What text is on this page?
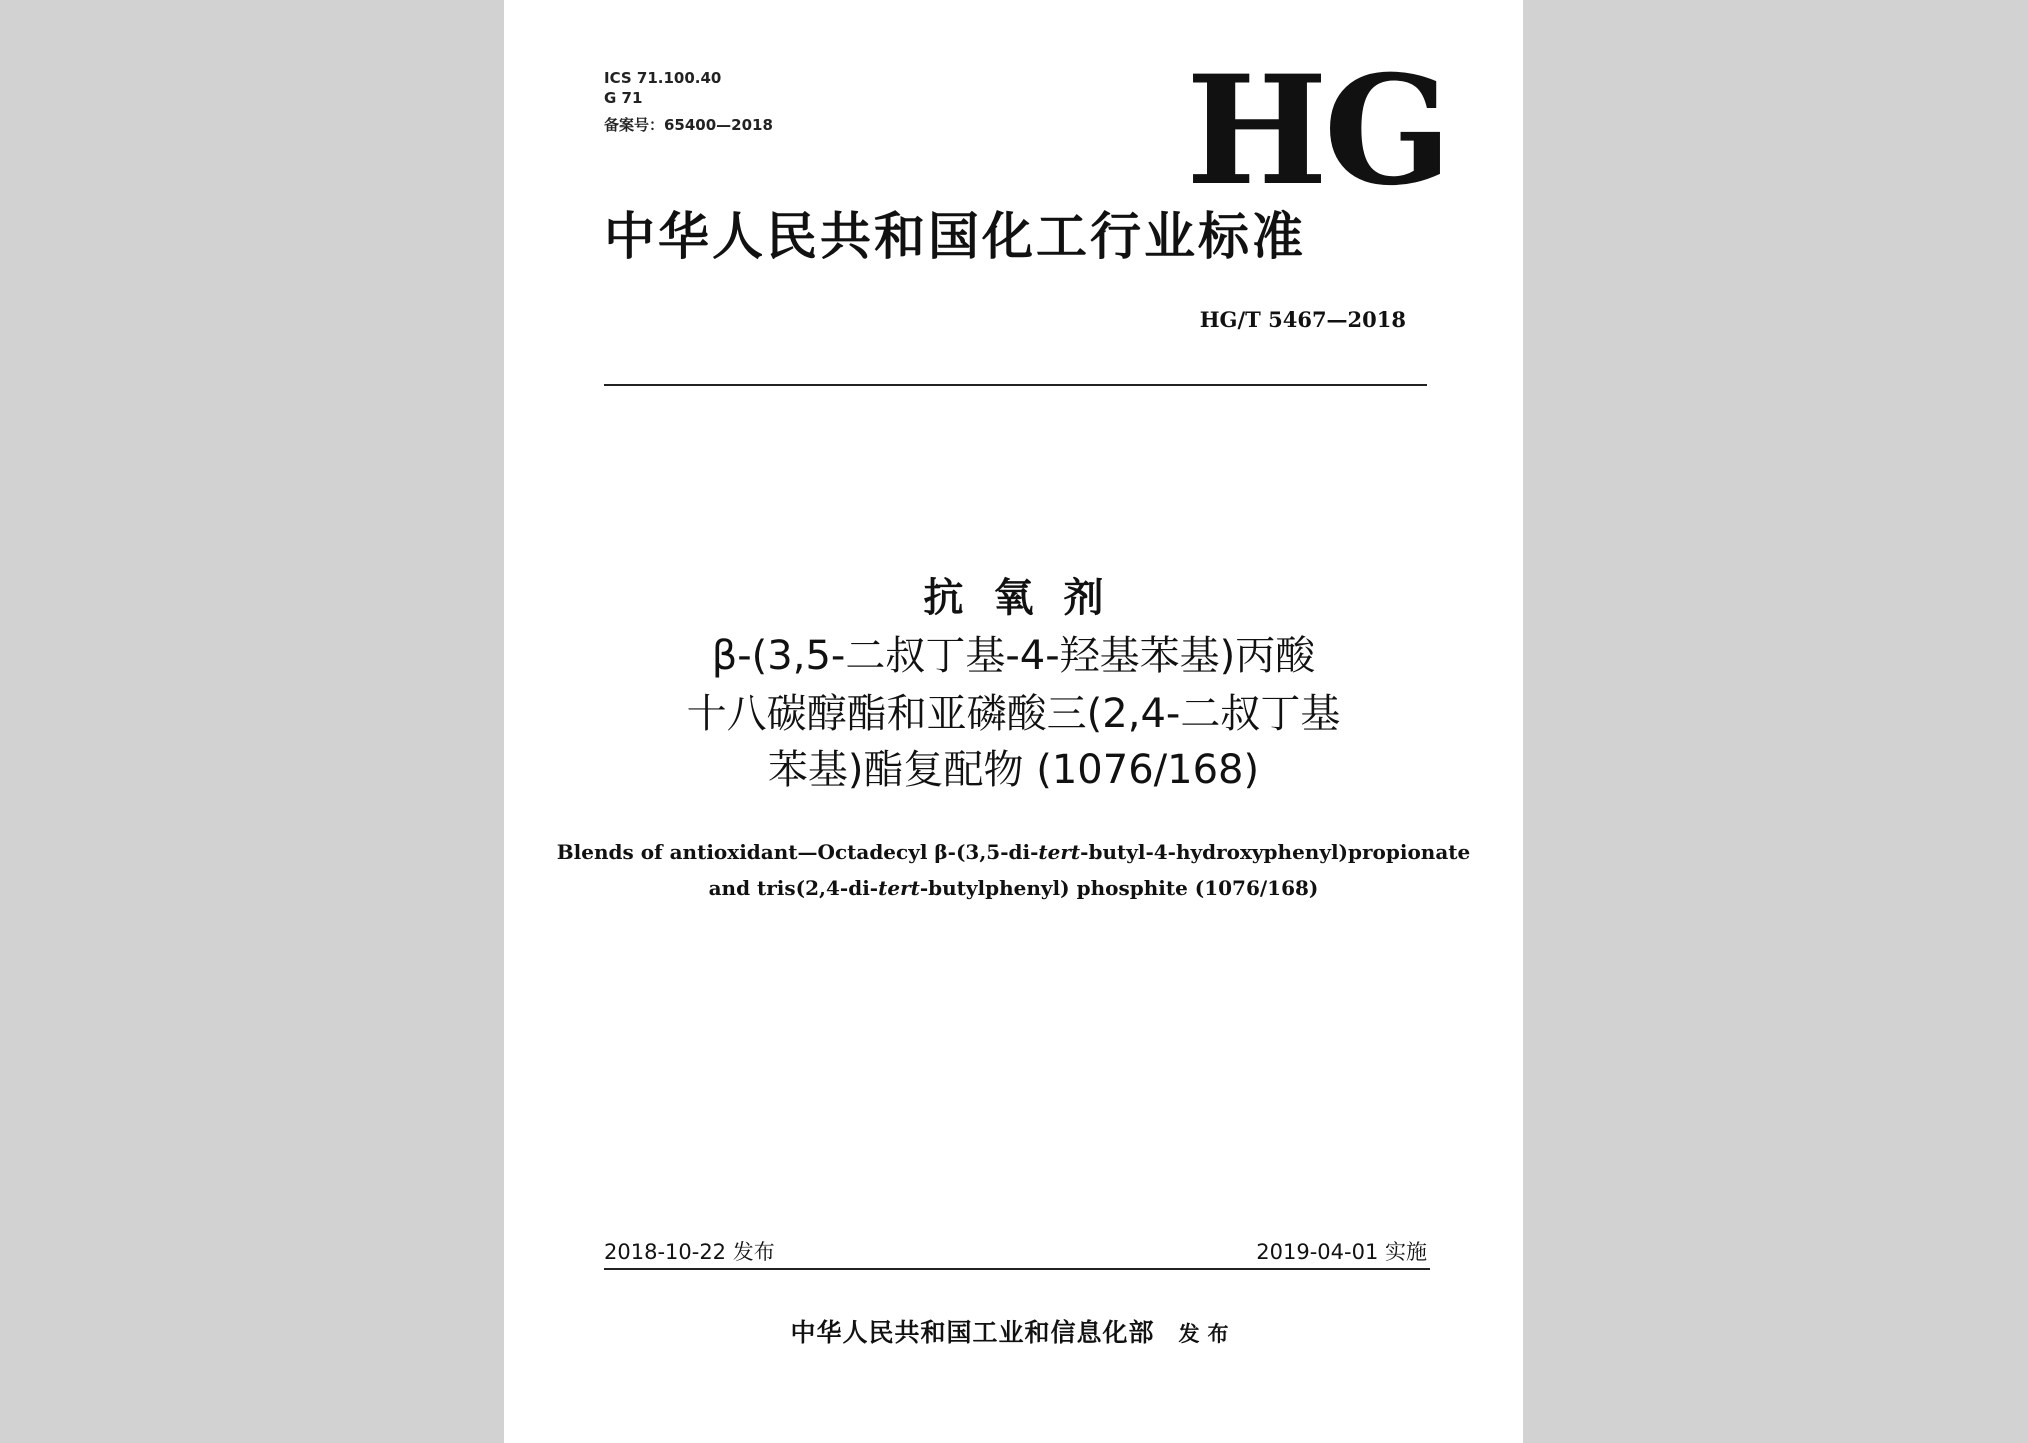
ICS 71.100.40
G 71
备案号：65400—2018	HG
中华人民共和国化工行业标准
HG/T 5467—2018
抗氧剂
β-(3,5-二叔丁基-4-羟基苯基)丙酸
十八碳醇酯和亚磷酸三(2,4-二叔丁基
苯基)酯复配物 (1076/168)
Blends of antioxidant—Octadecyl β-(3,5-di-tert-butyl-4-hydroxyphenyl)propionate
and tris(2,4-di-tert-butylphenyl) phosphite (1076/168)
2018-10-22 发布	2019-04-01 实施
中华人民共和国工业和信息化部 发布
